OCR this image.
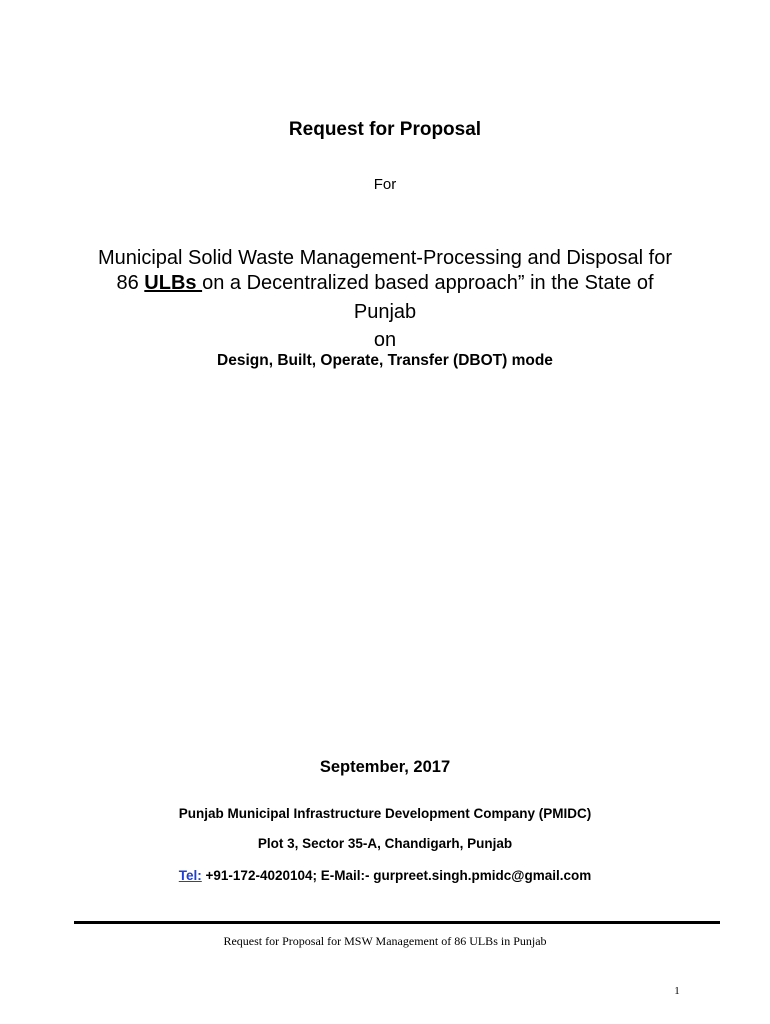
Request for Proposal
For
Municipal Solid Waste Management-Processing and Disposal for
86 ULBs on a Decentralized based approach” in the State of
Punjab
on
Design, Built, Operate, Transfer (DBOT) mode
September, 2017
Punjab Municipal Infrastructure Development Company (PMIDC)
Plot 3, Sector 35-A, Chandigarh, Punjab
Tel: +91-172-4020104; E-Mail:- gurpreet.singh.pmidc@gmail.com
Request for Proposal for MSW Management of 86 ULBs in Punjab
1
